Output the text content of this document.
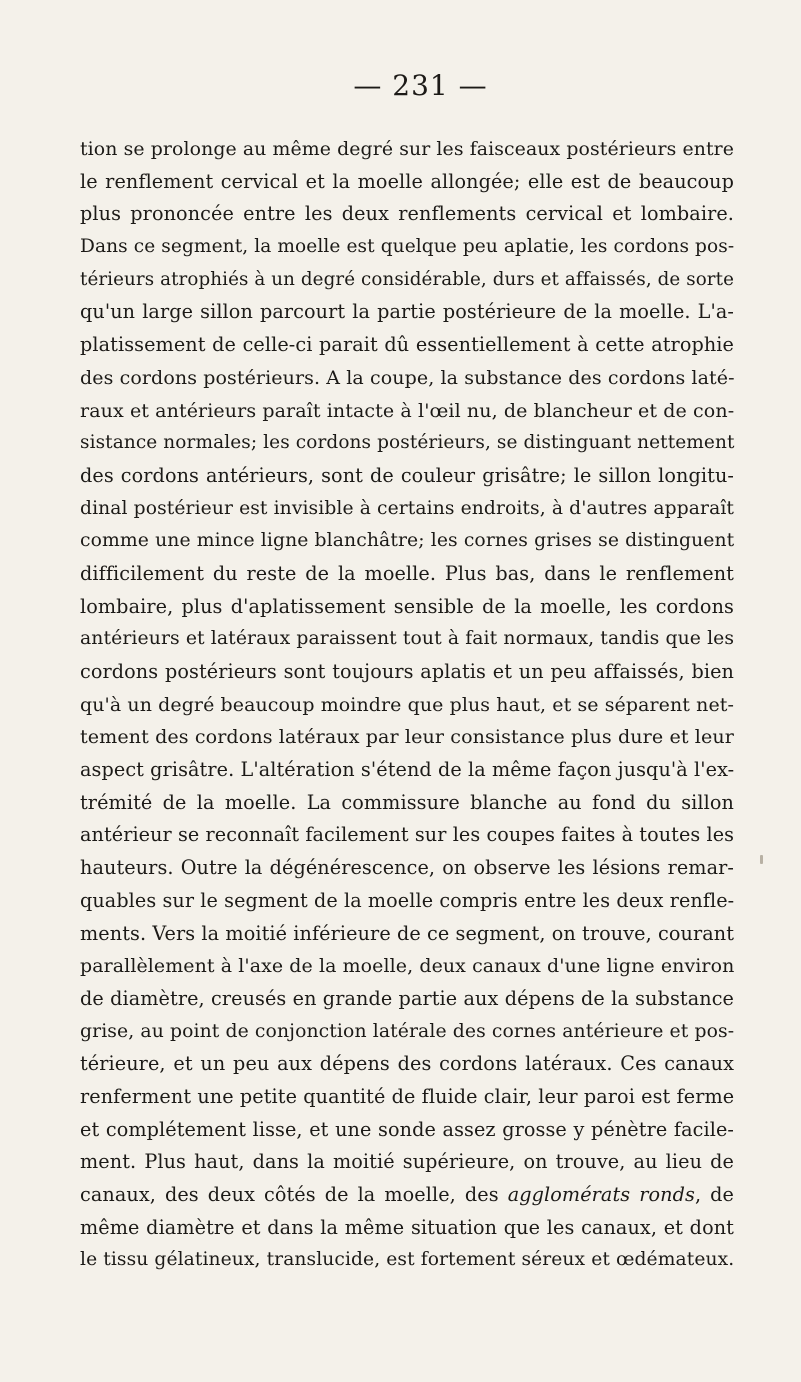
— 231 —
tion se prolonge au même degré sur les faisceaux postérieurs entre
le renflement cervical et la moelle allongée; elle est de beaucoup
plus prononcée entre les deux renflements cervical et lombaire.
Dans ce segment, la moelle est quelque peu aplatie, les cordons pos-
térieurs atrophiés à un degré considérable, durs et affaissés, de sorte
qu'un large sillon parcourt la partie postérieure de la moelle. L'a-
platissement de celle-ci parait dû essentiellement à cette atrophie
des cordons postérieurs. A la coupe, la substance des cordons laté-
raux et antérieurs paraît intacte à l'œil nu, de blancheur et de con-
sistance normales; les cordons postérieurs, se distinguant nettement
des cordons antérieurs, sont de couleur grisâtre; le sillon longitu-
dinal postérieur est invisible à certains endroits, à d'autres apparaît
comme une mince ligne blanchâtre; les cornes grises se distinguent
difficilement du reste de la moelle. Plus bas, dans le renflement
lombaire, plus d'aplatissement sensible de la moelle, les cordons
antérieurs et latéraux paraissent tout à fait normaux, tandis que les
cordons postérieurs sont toujours aplatis et un peu affaissés, bien
qu'à un degré beaucoup moindre que plus haut, et se séparent net-
tement des cordons latéraux par leur consistance plus dure et leur
aspect grisâtre. L'altération s'étend de la même façon jusqu'à l'ex-
trémité de la moelle. La commissure blanche au fond du sillon
antérieur se reconnaît facilement sur les coupes faites à toutes les
hauteurs. Outre la dégénérescence, on observe les lésions remar-
quables sur le segment de la moelle compris entre les deux renfle-
ments. Vers la moitié inférieure de ce segment, on trouve, courant
parallèlement à l'axe de la moelle, deux canaux d'une ligne environ
de diamètre, creusés en grande partie aux dépens de la substance
grise, au point de conjonction latérale des cornes antérieure et pos-
térieure, et un peu aux dépens des cordons latéraux. Ces canaux
renferment une petite quantité de fluide clair, leur paroi est ferme
et complétement lisse, et une sonde assez grosse y pénètre facile-
ment. Plus haut, dans la moitié supérieure, on trouve, au lieu de
canaux, des deux côtés de la moelle, des agglomérats ronds, de
même diamètre et dans la même situation que les canaux, et dont
le tissu gélatineux, translucide, est fortement séreux et œdémateux.
